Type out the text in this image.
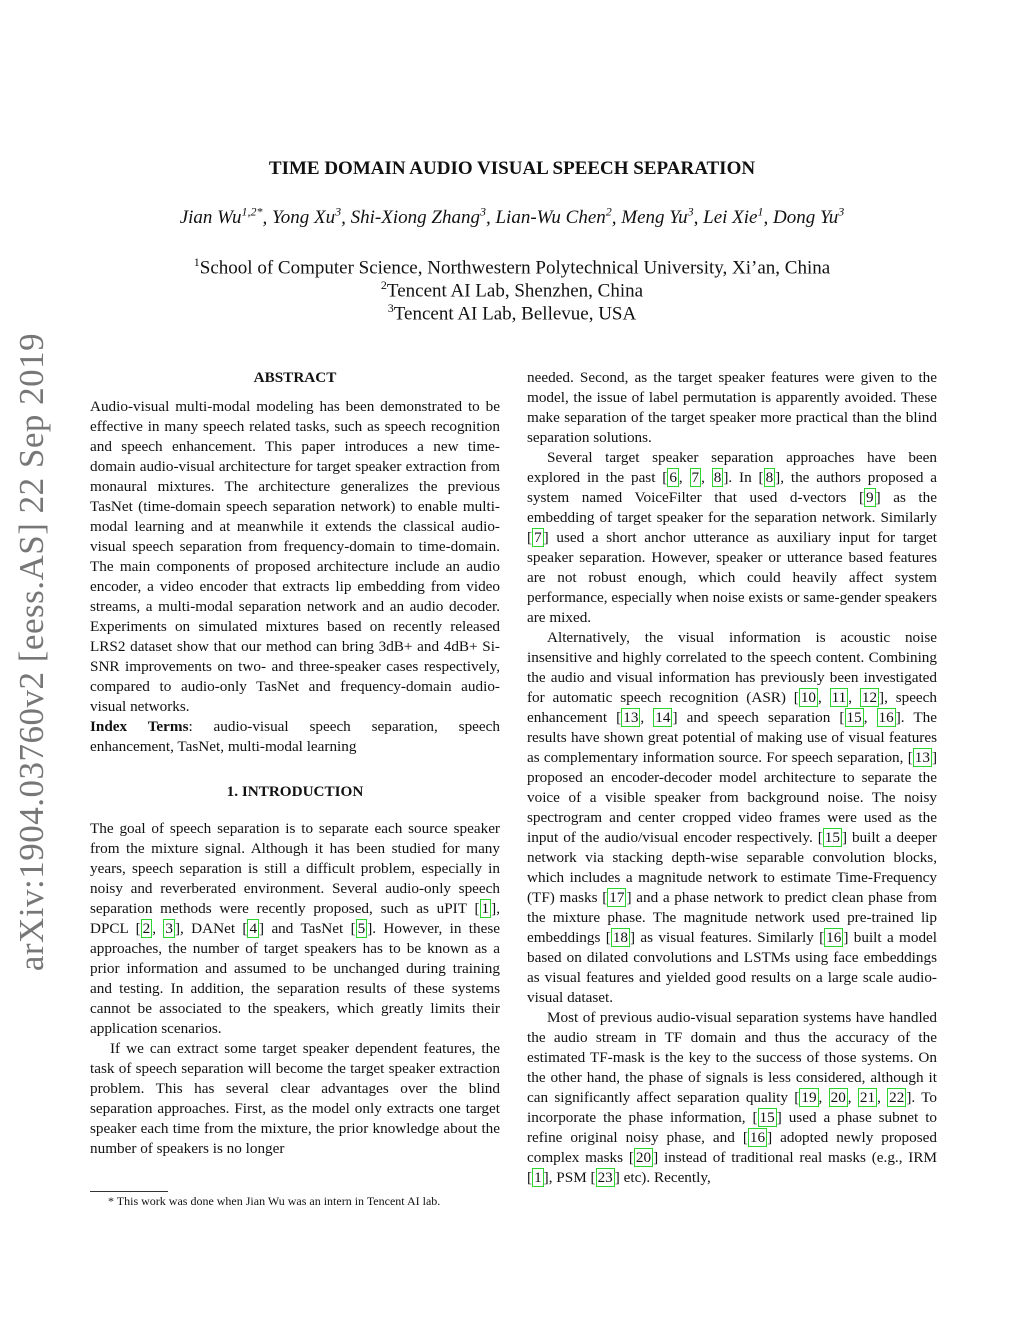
arXiv:1904.03760v2 [eess.AS] 22 Sep 2019
TIME DOMAIN AUDIO VISUAL SPEECH SEPARATION
Jian $Wu^{1,2*}$, Yong Xu$^3$, Shi-Xiong Zhang$^3$, Lian-Wu Chen$^2$, Meng Yu$^3$, Lei Xie$^1$, Dong Yu$^3$
$^1$School of Computer Science, Northwestern Polytechnical University, Xi’an, China
$^2$Tencent AI Lab, Shenzhen, China
$^3$Tencent AI Lab, Bellevue, USA
ABSTRACT

Audio-visual multi-modal modeling has been demonstrated to be effective in many speech related tasks, such as speech recognition and speech enhancement. This paper introduces a new time-domain audio-visual architecture for target speaker extraction from monaural mixtures. The architecture generalizes the previous TasNet (time-domain speech separation network) to enable multi-modal learning and at meanwhile it extends the classical audio-visual speech separation from frequency-domain to time-domain. The main components of proposed architecture include an audio encoder, a video encoder that extracts lip embedding from video streams, a multi-modal separation network and an audio decoder. Experiments on simulated mixtures based on recently released LRS2 dataset show that our method can bring 3dB+ and 4dB+ Si-SNR improvements on two- and three-speaker cases respectively, compared to audio-only TasNet and frequency-domain audio-visual networks.

Index Terms: audio-visual speech separation, speech enhancement, TasNet, multi-modal learning

1. INTRODUCTION

The goal of speech separation is to separate each source speaker from the mixture signal. Although it has been studied for many years, speech separation is still a difficult problem, especially in noisy and reverberated environment. Several audio-only speech separation methods were recently proposed, such as uPIT [ 1 ], DPCL [ 2 , 3 ], DANet [ 4 ] and TasNet [ 5 ]. However, in these approaches, the number of target speakers has to be known as a prior information and assumed to be unchanged during training and testing. In addition, the separation results of these systems cannot be associated to the speakers, which greatly limits their application scenarios.

If we can extract some target speaker dependent features, the task of speech separation will become the target speaker extraction problem. This has several clear advantages over the blind separation approaches. First, as the model only extracts one target speaker each time from the mixture, the prior knowledge about the number of speakers is no longer

* This work was done when Jian Wu was an intern in Tencent AI lab.

needed. Second, as the target speaker features were given to the model, the issue of label permutation is apparently avoided. These make separation of the target speaker more practical than the blind separation solutions.

Several target speaker separation approaches have been explored in the past [ 6 , 7 , 8 ]. In [ 8 ], the authors proposed a system named VoiceFilter that used d-vectors [ 9 ] as the embedding of target speaker for the separation network. Similarly [ 7 ] used a short anchor utterance as auxiliary input for target speaker separation. However, speaker or utterance based features are not robust enough, which could heavily affect system performance, especially when noise exists or same-gender speakers are mixed.

Alternatively, the visual information is acoustic noise insensitive and highly correlated to the speech content. Combining the audio and visual information has previously been investigated for automatic speech recognition (ASR) [ 10 , 11 , 12 ], speech enhancement [ 13 , 14 ] and speech separation [ 15 , 16 ]. The results have shown great potential of making use of visual features as complementary information source. For speech separation, [ 13 ] proposed an encoder-decoder model architecture to separate the voice of a visible speaker from background noise. The noisy spectrogram and center cropped video frames were used as the input of the audio/visual encoder respectively. [ 15 ] built a deeper network via stacking depth-wise separable convolution blocks, which includes a magnitude network to estimate Time-Frequency (TF) masks [ 17 ] and a phase network to predict clean phase from the mixture phase. The magnitude network used pre-trained lip embeddings [ 18 ] as visual features. Similarly [ 16 ] built a model based on dilated convolutions and LSTMs using face embeddings as visual features and yielded good results on a large scale audio-visual dataset.

Most of previous audio-visual separation systems have handled the audio stream in TF domain and thus the accuracy of the estimated TF-mask is the key to the success of those systems. On the other hand, the phase of signals is less considered, although it can significantly affect separation quality [ 19 , 20 , 21 , 22 ]. To incorporate the phase information, [ 15 ] used a phase subnet to refine original noisy phase, and [ 16 ] adopted newly proposed complex masks [ 20 ] instead of traditional real masks (e.g., IRM [ 1 ], PSM [ 23 ] etc). Recently,
